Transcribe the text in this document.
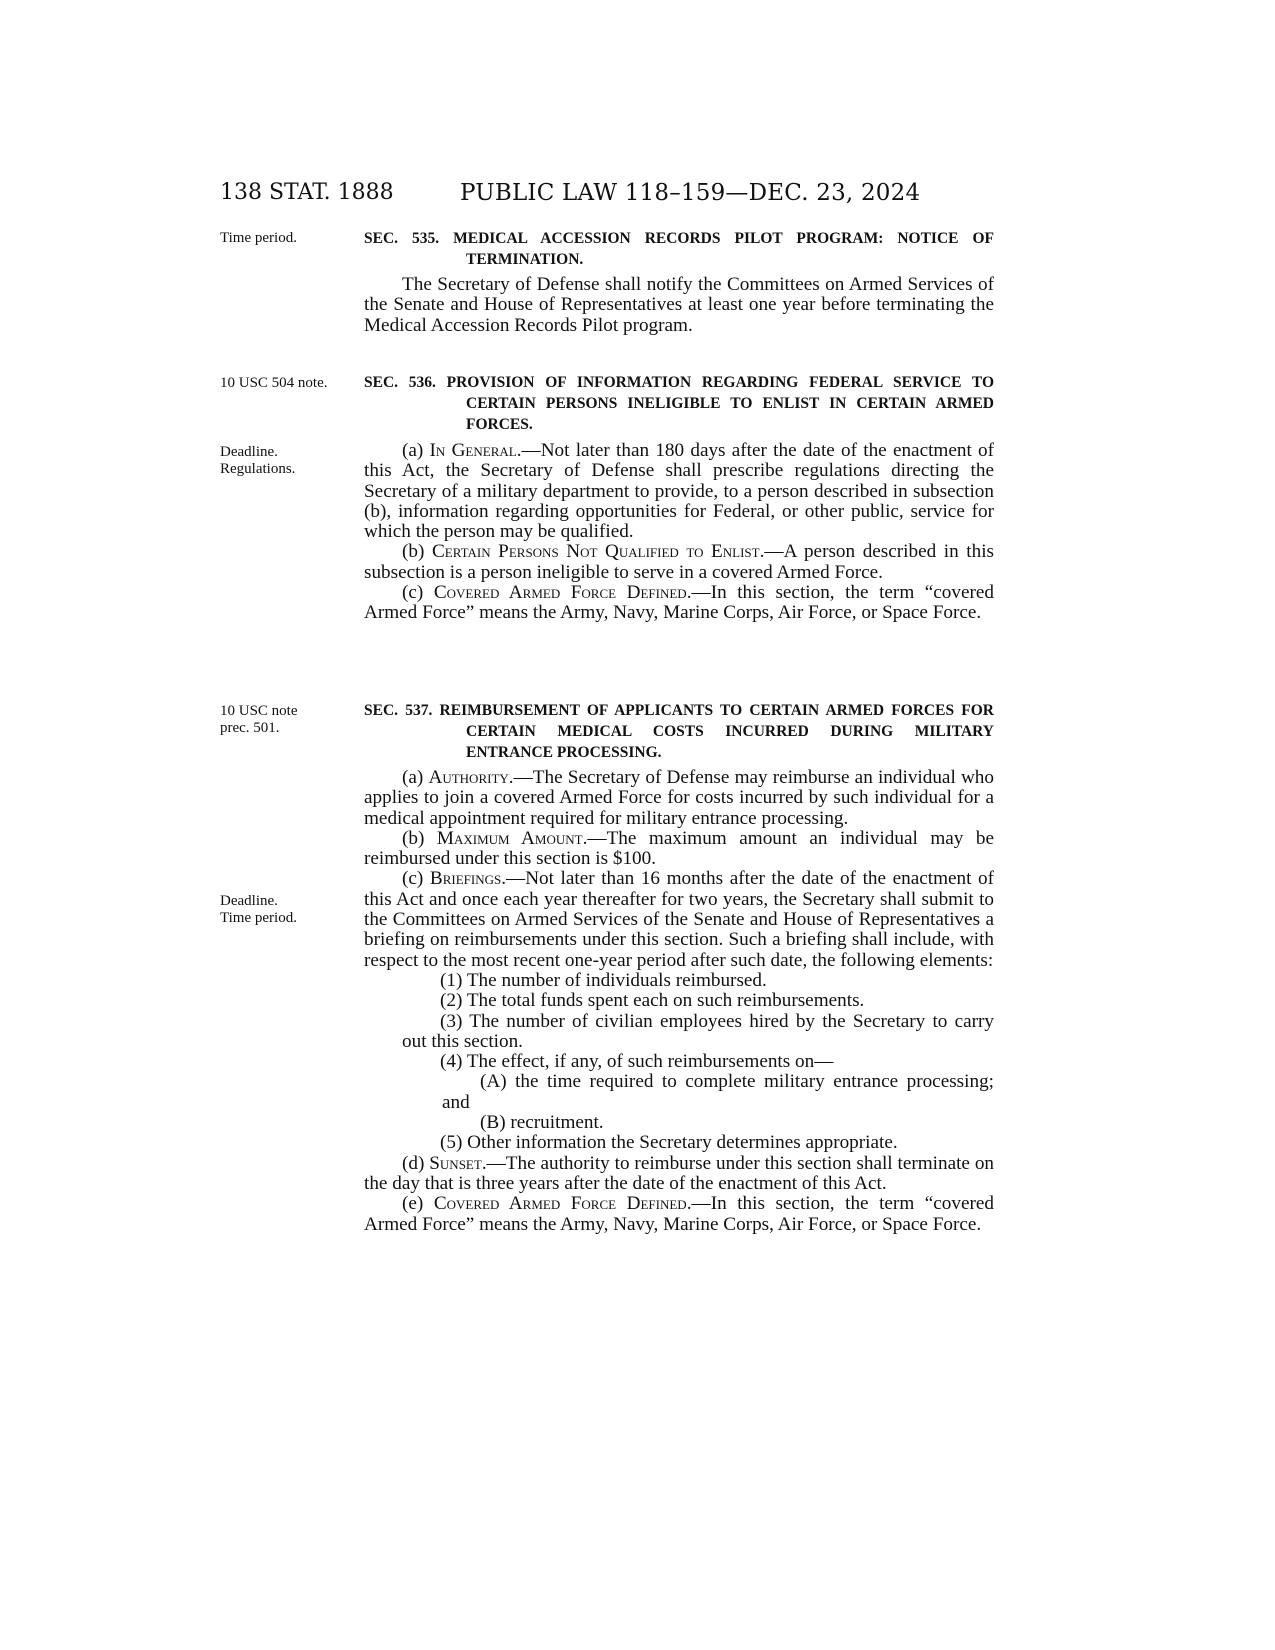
138 STAT. 1888	PUBLIC LAW 118–159—DEC. 23, 2024
Time period.	SEC. 535. MEDICAL ACCESSION RECORDS PILOT PROGRAM: NOTICE OF TERMINATION.

The Secretary of Defense shall notify the Committees on Armed Services of the Senate and House of Representatives at least one year before terminating the Medical Accession Records Pilot program.

10 USC 504 note.	SEC. 536. PROVISION OF INFORMATION REGARDING FEDERAL SERVICE TO CERTAIN PERSONS INELIGIBLE TO ENLIST IN CERTAIN ARMED FORCES.
Deadline.
Regulations.

(a) In General.—Not later than 180 days after the date of the enactment of this Act, the Secretary of Defense shall prescribe regulations directing the Secretary of a military department to provide, to a person described in subsection (b), information regarding opportunities for Federal, or other public, service for which the person may be qualified.

(b) Certain Persons Not Qualified to Enlist.—A person described in this subsection is a person ineligible to serve in a covered Armed Force.

(c) Covered Armed Force Defined.—In this section, the term “covered Armed Force” means the Army, Navy, Marine Corps, Air Force, or Space Force.

10 USC note
prec. 501.
SEC. 537. REIMBURSEMENT OF APPLICANTS TO CERTAIN ARMED FORCES FOR CERTAIN MEDICAL COSTS INCURRED DURING MILITARY ENTRANCE PROCESSING.
Deadline.
Time period.

(a) Authority.—The Secretary of Defense may reimburse an individual who applies to join a covered Armed Force for costs incurred by such individual for a medical appointment required for military entrance processing.

(b) Maximum Amount.—The maximum amount an individual may be reimbursed under this section is $100.

(c) Briefings.—Not later than 16 months after the date of the enactment of this Act and once each year thereafter for two years, the Secretary shall submit to the Committees on Armed Services of the Senate and House of Representatives a briefing on reimbursements under this section. Such a briefing shall include, with respect to the most recent one-year period after such date, the following elements:

(1) The number of individuals reimbursed.

(2) The total funds spent each on such reimbursements.

(3) The number of civilian employees hired by the Secretary to carry out this section.

(4) The effect, if any, of such reimbursements on—

(A) the time required to complete military entrance processing; and

(B) recruitment.

(5) Other information the Secretary determines appropriate.

(d) Sunset.—The authority to reimburse under this section shall terminate on the day that is three years after the date of the enactment of this Act.

(e) Covered Armed Force Defined.—In this section, the term “covered Armed Force” means the Army, Navy, Marine Corps, Air Force, or Space Force.
